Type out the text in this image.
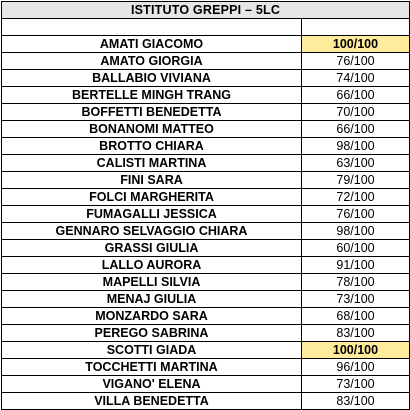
ISTITUTO GREPPI – 5LC	

AMATI GIACOMO	100/100
AMATO GIORGIA	76/100
BALLABIO VIVIANA	74/100
BERTELLE MINGH TRANG	66/100
BOFFETTI BENEDETTA	70/100
BONANOMI MATTEO	66/100
BROTTO CHIARA	98/100
CALISTI MARTINA	63/100
FINI SARA	79/100
FOLCI MARGHERITA	72/100
FUMAGALLI JESSICA	76/100
GENNARO SELVAGGIO CHIARA	98/100
GRASSI GIULIA	60/100
LALLO AURORA	91/100
MAPELLI SILVIA	78/100
MENAJ GIULIA	73/100
MONZARDO SARA	68/100
PEREGO SABRINA	83/100
SCOTTI GIADA	100/100
TOCCHETTI MARTINA	96/100
VIGANO' ELENA	73/100
VILLA BENEDETTA	83/100
